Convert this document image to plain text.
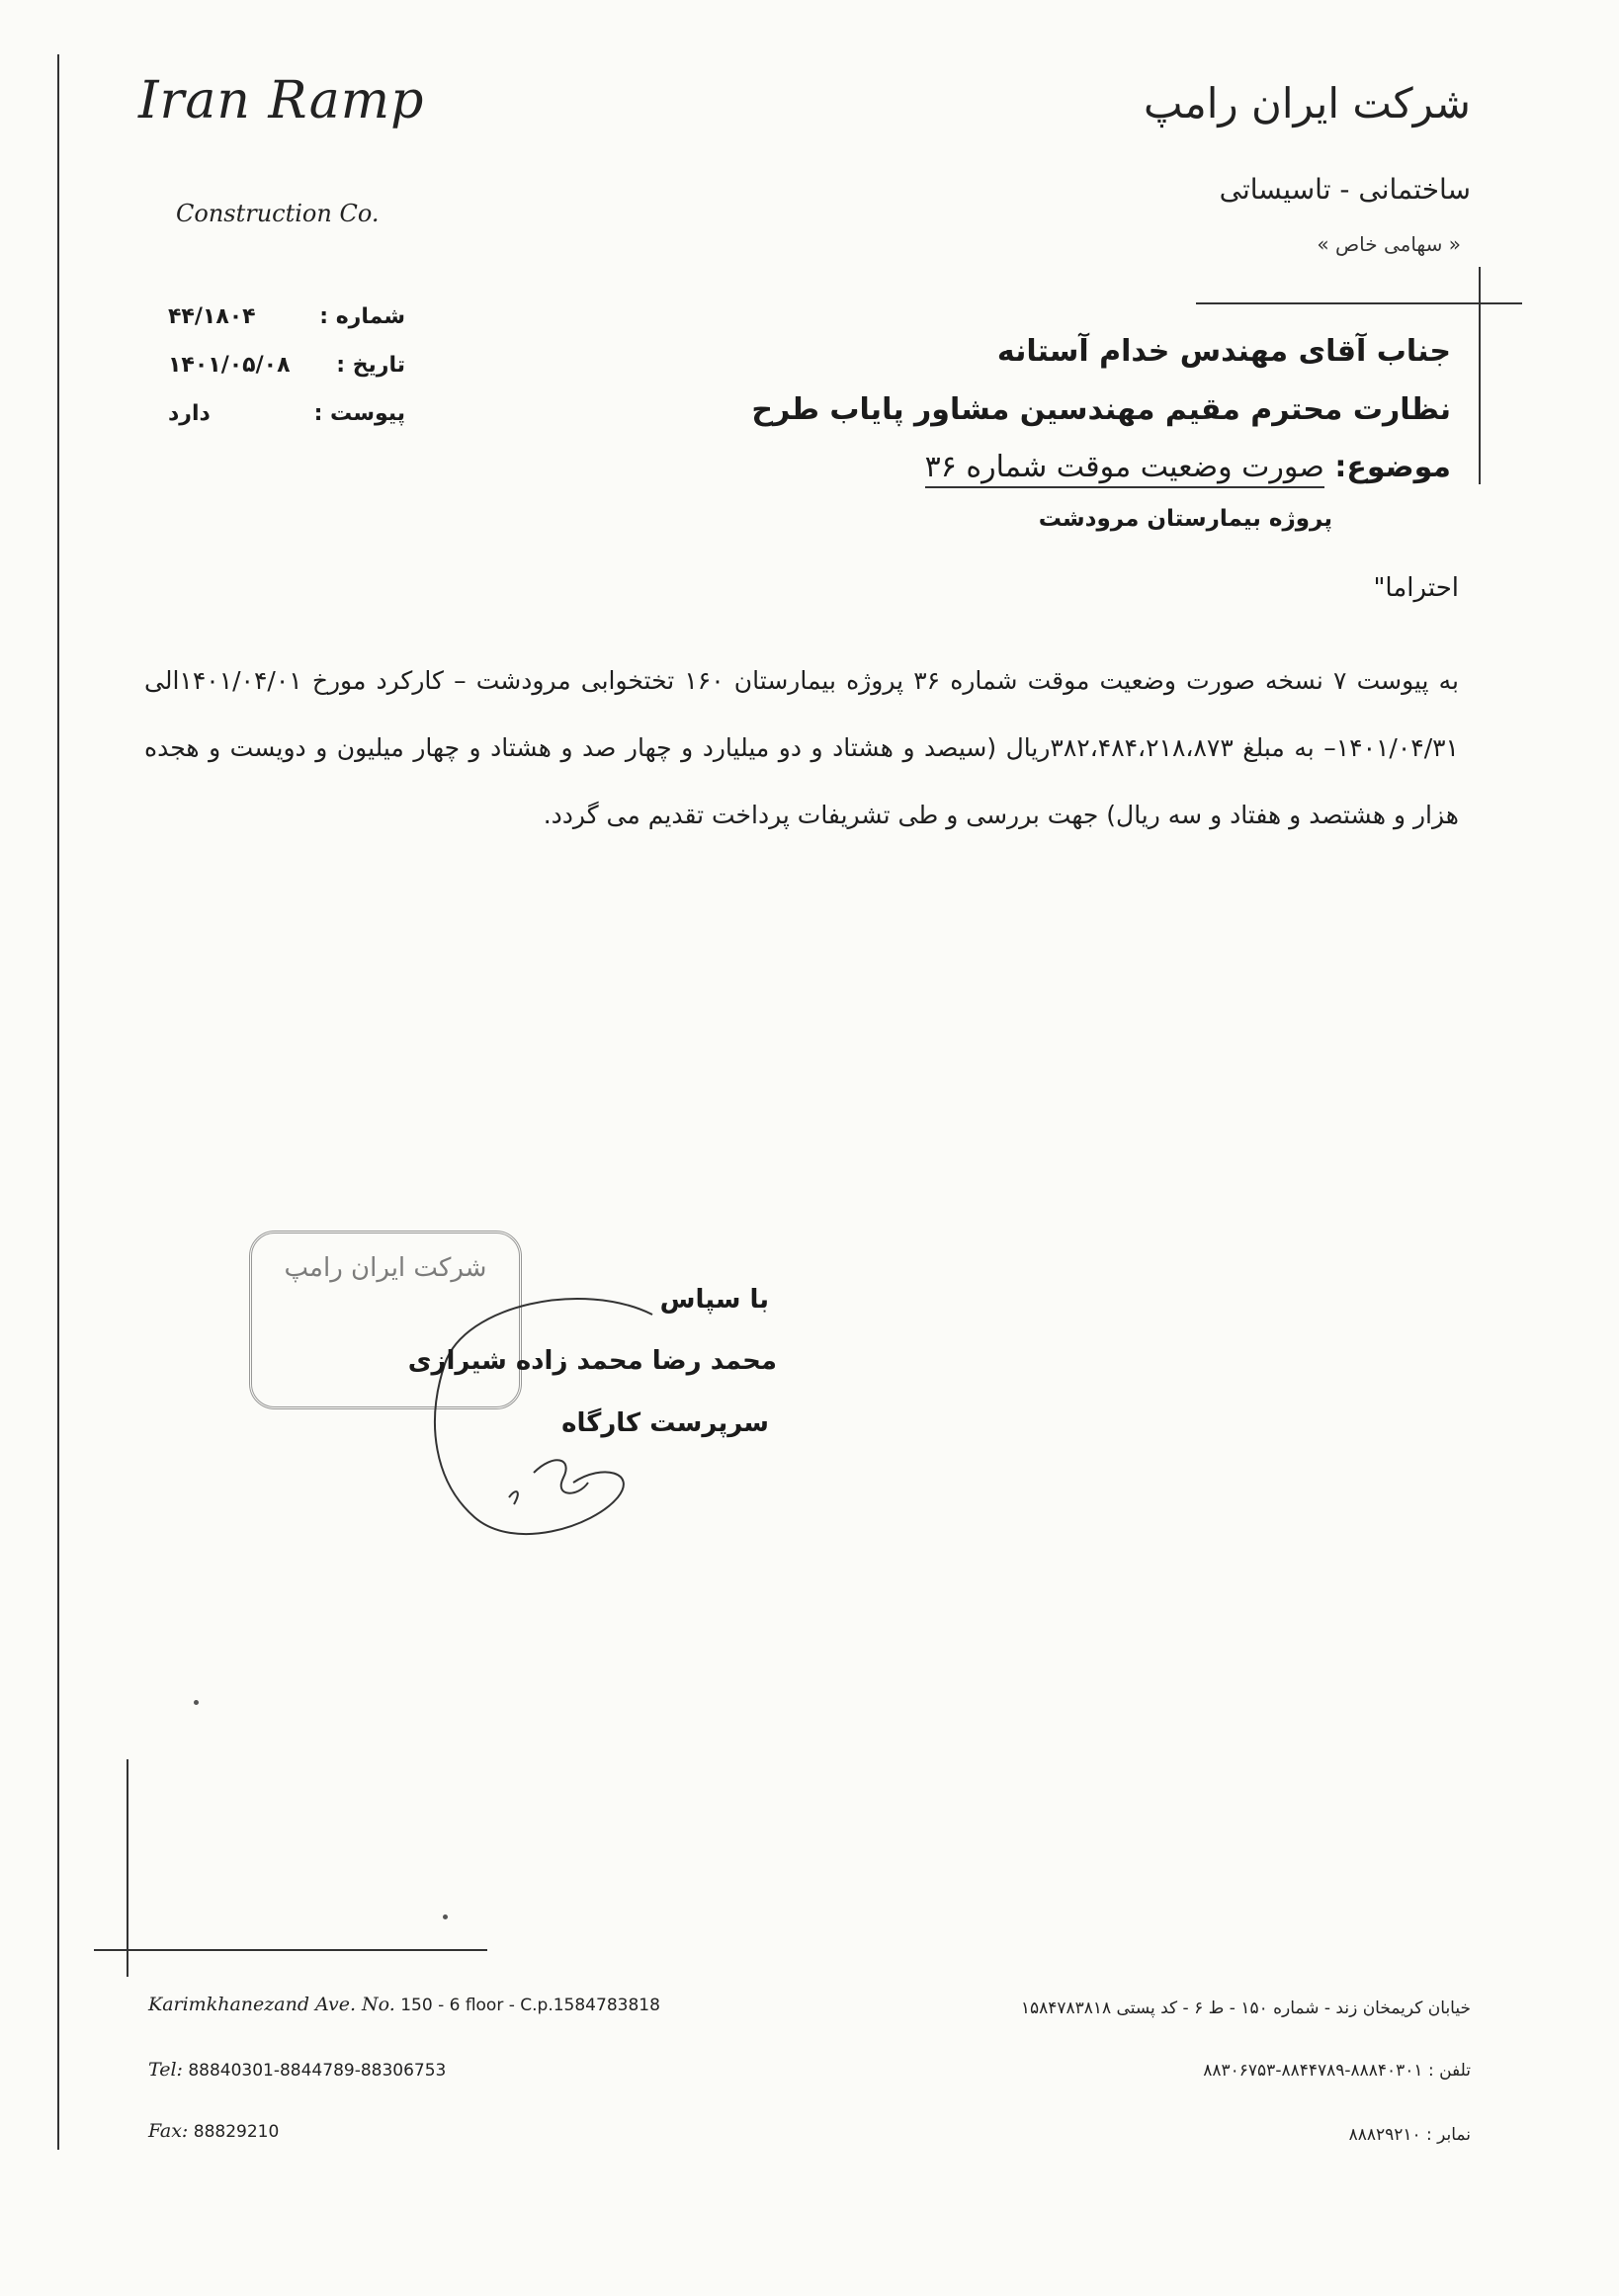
Iran Ramp
Construction Co.
شماره :۴۴/۱۸۰۴
تاریخ :۱۴۰۱/۰۵/۰۸
پیوست :دارد
شرکت ایران رامپ
ساختمانی - تاسیساتی
« سهامی خاص »
جناب آقای مهندس خدام آستانه
نظارت محترم مقیم مهندسین مشاور پایاب طرح
موضوع: صورت وضعیت موقت شماره ۳۶
پروژه بیمارستان مرودشت
احتراما"
به پیوست ۷ نسخه صورت وضعیت موقت شماره ۳۶ پروژه بیمارستان ۱۶۰ تختخوابی مرودشت – کارکرد مورخ ۱۴۰۱/۰۴/۰۱الی ۱۴۰۱/۰۴/۳۱– به مبلغ ۳۸۲،۴۸۴،۲۱۸،۸۷۳ریال (سیصد و هشتاد و دو میلیارد و چهار صد و هشتاد و چهار میلیون و دویست و هجده هزار و هشتصد و هفتاد و سه ریال) جهت بررسی و طی تشریفات پرداخت تقدیم می گردد.
شرکت ایران رامپ
با سپاس
محمد رضا محمد زاده شیرازی
سرپرست کارگاه
Karimkhanezand Ave. No. 150 - 6 floor - C.p.1584783818
Tel: 88840301-8844789-88306753
Fax: 88829210
خیابان کریمخان زند - شماره ۱۵۰ - ط ۶ - کد پستی ۱۵۸۴۷۸۳۸۱۸
تلفن : ۸۸۸۴۰۳۰۱-۸۸۴۴۷۸۹-۸۸۳۰۶۷۵۳
نمابر : ۸۸۸۲۹۲۱۰
